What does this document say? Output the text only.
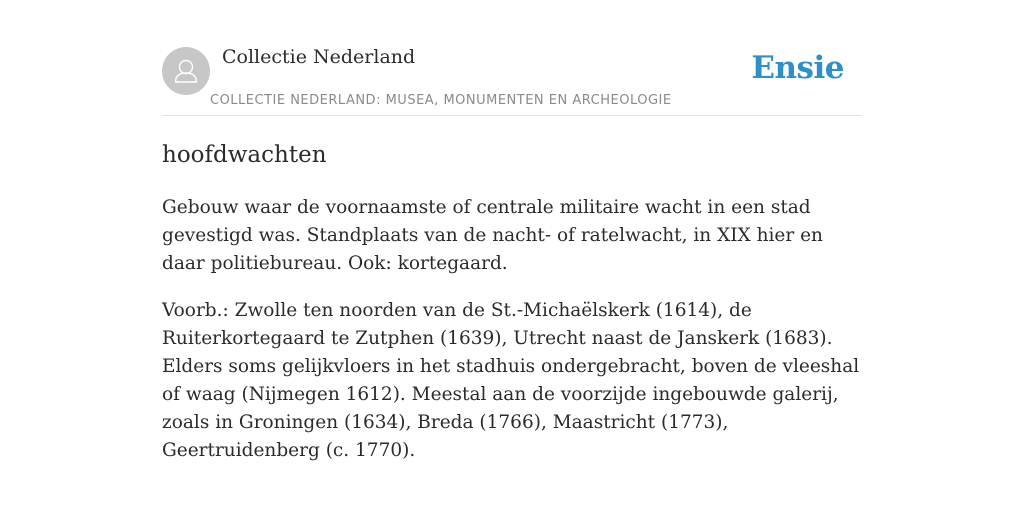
Collectie Nederland
COLLECTIE NEDERLAND: MUSEA, MONUMENTEN EN ARCHEOLOGIE
Ensie
hoofdwachten

Gebouw waar de voornaamste of centrale militaire wacht in een stad gevestigd was. Standplaats van de nacht- of ratelwacht, in XIX hier en daar politiebureau. Ook: kortegaard.

Voorb.: Zwolle ten noorden van de St.-Michaëlskerk (1614), de Ruiterkortegaard te Zutphen (1639), Utrecht naast de Janskerk (1683). Elders soms gelijkvloers in het stadhuis ondergebracht, boven de vleeshal of waag (Nijmegen 1612). Meestal aan de voorzijde ingebouwde galerij, zoals in Groningen (1634), Breda (1766), Maastricht (1773), Geertruidenberg (c. 1770).
